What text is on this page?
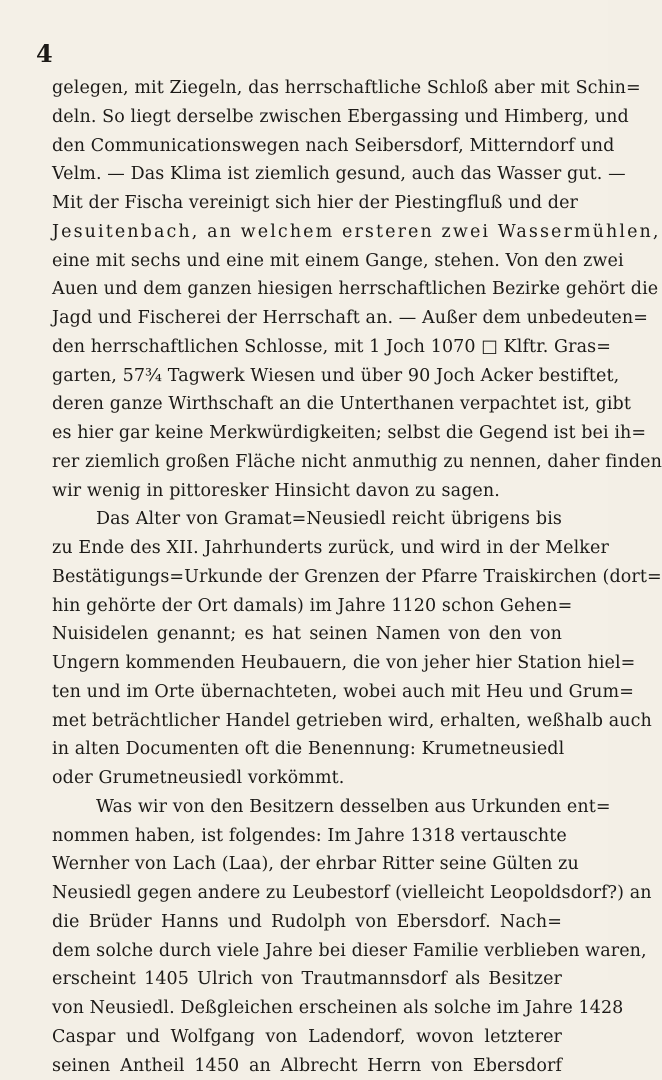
4
gelegen, mit Ziegeln, das herrschaftliche Schloß aber mit Schin=
deln. So liegt derselbe zwischen Ebergassing und Himberg, und
den Communicationswegen nach Seibersdorf, Mitterndorf und
Velm. — Das Klima ist ziemlich gesund, auch das Wasser gut. —
Mit der Fischa vereinigt sich hier der Piestingfluß und der
Jesuitenbach, an welchem ersteren zwei Wassermühlen,
eine mit sechs und eine mit einem Gange, stehen. Von den zwei
Auen und dem ganzen hiesigen herrschaftlichen Bezirke gehört die
Jagd und Fischerei der Herrschaft an. — Außer dem unbedeuten=
den herrschaftlichen Schlosse, mit 1 Joch 1070 □ Klftr. Gras=
garten, 57¾ Tagwerk Wiesen und über 90 Joch Acker bestiftet,
deren ganze Wirthschaft an die Unterthanen verpachtet ist, gibt
es hier gar keine Merkwürdigkeiten; selbst die Gegend ist bei ih=
rer ziemlich großen Fläche nicht anmuthig zu nennen, daher finden
wir wenig in pittoresker Hinsicht davon zu sagen.
Das Alter von Gramat=Neusiedl reicht übrigens bis
zu Ende des XII. Jahrhunderts zurück, und wird in der Melker
Bestätigungs=Urkunde der Grenzen der Pfarre Traiskirchen (dort=
hin gehörte der Ort damals) im Jahre 1120 schon Gehen=
Nuisidelen genannt; es hat seinen Namen von den von
Ungern kommenden Heubauern, die von jeher hier Station hiel=
ten und im Orte übernachteten, wobei auch mit Heu und Grum=
met beträchtlicher Handel getrieben wird, erhalten, weßhalb auch
in alten Documenten oft die Benennung: Krumetneusiedl
oder Grumetneusiedl vorkömmt.
Was wir von den Besitzern desselben aus Urkunden ent=
nommen haben, ist folgendes: Im Jahre 1318 vertauschte
Wernher von Lach (Laa), der ehrbar Ritter seine Gülten zu
Neusiedl gegen andere zu Leubestorf (vielleicht Leopoldsdorf?) an
die Brüder Hanns und Rudolph von Ebersdorf. Nach=
dem solche durch viele Jahre bei dieser Familie verblieben waren,
erscheint 1405 Ulrich von Trautmannsdorf als Besitzer
von Neusiedl. Deßgleichen erscheinen als solche im Jahre 1428
Caspar und Wolfgang von Ladendorf, wovon letzterer
seinen Antheil 1450 an Albrecht Herrn von Ebersdorf
